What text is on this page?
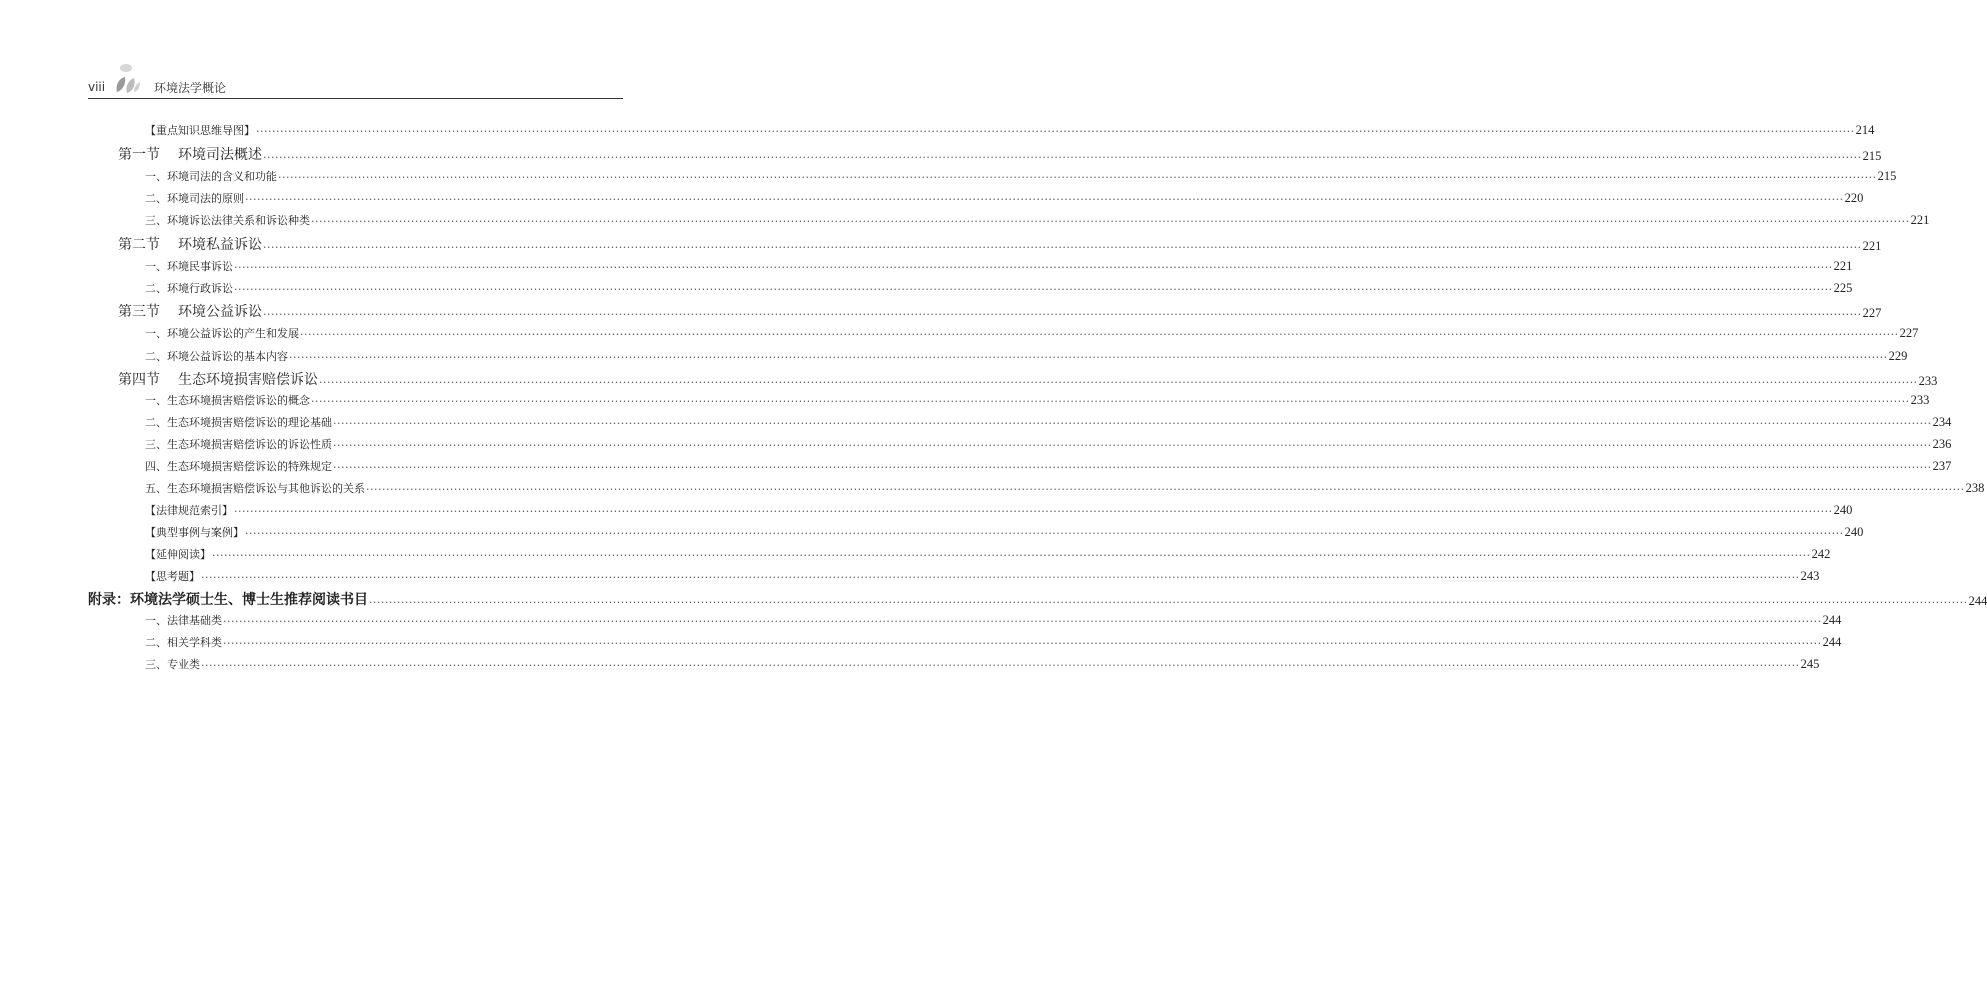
viii	环境法学概论
【重点知识思维导图】 ················································································································································································································································································································································································································ 214
第一节 环境司法概述 ················································································································································································································································································································································································································ 215
一、环境司法的含义和功能 ················································································································································································································································································································································································································ 215
二、环境司法的原则 ················································································································································································································································································································································································································ 220
三、环境诉讼法律关系和诉讼种类 ················································································································································································································································································································································································································ 221
第二节 环境私益诉讼 ················································································································································································································································································································································································································ 221
一、环境民事诉讼 ················································································································································································································································································································································································································ 221
二、环境行政诉讼 ················································································································································································································································································································································································································ 225
第三节 环境公益诉讼 ················································································································································································································································································································································································································ 227
一、环境公益诉讼的产生和发展 ················································································································································································································································································································································································································ 227
二、环境公益诉讼的基本内容 ················································································································································································································································································································································································································ 229
第四节 生态环境损害赔偿诉讼 ················································································································································································································································································································································································································ 233
一、生态环境损害赔偿诉讼的概念 ················································································································································································································································································································································································································ 233
二、生态环境损害赔偿诉讼的理论基础 ················································································································································································································································································································································································································ 234
三、生态环境损害赔偿诉讼的诉讼性质 ················································································································································································································································································································································································································ 236
四、生态环境损害赔偿诉讼的特殊规定 ················································································································································································································································································································································································································ 237
五、生态环境损害赔偿诉讼与其他诉讼的关系 ················································································································································································································································································································································································································ 238
【法律规范索引】 ················································································································································································································································································································································································································ 240
【典型事例与案例】 ················································································································································································································································································································································································································ 240
【延伸阅读】 ················································································································································································································································································································································································································ 242
【思考题】 ················································································································································································································································································································································································································ 243
附录：环境法学硕士生、博士生推荐阅读书目 ················································································································································································································································································································································································································ 244
一、法律基础类 ················································································································································································································································································································································································································ 244
二、相关学科类 ················································································································································································································································································································································································································ 244
三、专业类 ················································································································································································································································································································································································································ 245
